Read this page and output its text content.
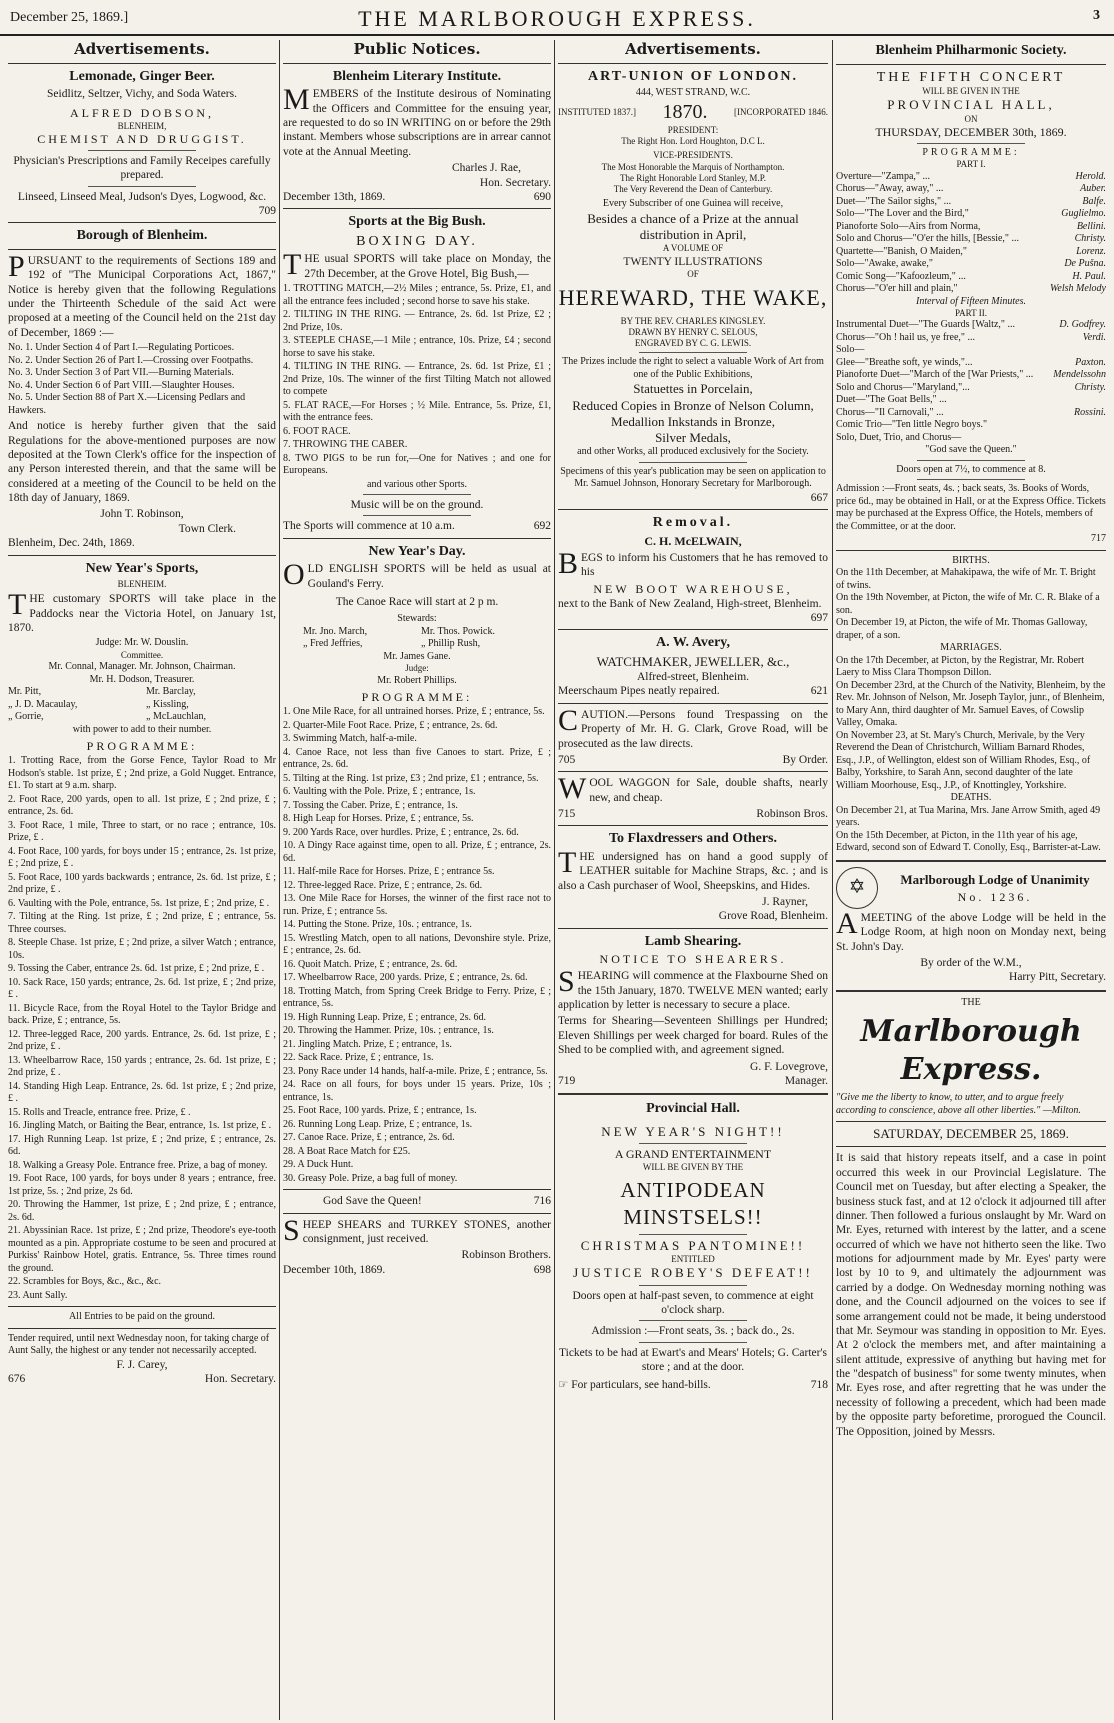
December 25, 1869.]	THE MARLBOROUGH EXPRESS.	3
Advertisements.
Lemonade, Ginger Beer.
Seidlitz, Seltzer, Vichy, and Soda Waters.
ALFRED DOBSON,
BLENHEIM,
CHEMIST AND DRUGGIST.
Physician's Prescriptions and Family Receipes carefully prepared.
Linseed, Linseed Meal, Judson's Dyes, Logwood, &c.
709
Borough of Blenheim.

PURSUANT to the requirements of Sections 189 and 192 of "The Municipal Corporations Act, 1867," Notice is hereby given that the following Regulations under the Thirteenth Schedule of the said Act were proposed at a meeting of the Council held on the 21st day of December, 1869 :—

No. 1. Under Section 4 of Part I.—Regulating Porticoes.
No. 2. Under Section 26 of Part I.—Crossing over Footpaths.
No. 3. Under Section 3 of Part VII.—Burning Materials.
No. 4. Under Section 6 of Part VIII.—Slaughter Houses.
No. 5. Under Section 88 of Part X.—Licensing Pedlars and Hawkers.

And notice is hereby further given that the said Regulations for the above-mentioned purposes are now deposited at the Town Clerk's office for the inspection of any Person interested therein, and that the same will be considered at a meeting of the Council to be held on the 18th day of January, 1869.

John T. Robinson,
Town Clerk.
Blenheim, Dec. 24th, 1869.
New Year's Sports,
BLENHEIM.

THE customary SPORTS will take place in the Paddocks near the Victoria Hotel, on January 1st, 1870.

Judge: Mr. W. Douslin.
Committee.
Mr. Connal, Manager. Mr. Johnson, Chairman.
Mr. H. Dodson, Treasurer.
Mr. Pitt,
„ J. D. Macaulay,
„ Gorrie,
Mr. Barclay,
„ Kissling,
„ McLauchlan,
with power to add to their number.
PROGRAMME:
1. Trotting Race, from the Gorse Fence, Taylor Road to Mr Hodson's stable. 1st prize, £ ; 2nd prize, a Gold Nugget. Entrance, £1. To start at 9 a.m. sharp.
2. Foot Race, 200 yards, open to all. 1st prize, £ ; 2nd prize, £ ; entrance, 2s. 6d.
3. Foot Race, 1 mile, Three to start, or no race ; entrance, 10s. Prize, £ .
4. Foot Race, 100 yards, for boys under 15 ; entrance, 2s. 1st prize, £ ; 2nd prize, £ .
5. Foot Race, 100 yards backwards ; entrance, 2s. 6d. 1st prize, £ ; 2nd prize, £ .
6. Vaulting with the Pole, entrance, 5s. 1st prize, £ ; 2nd prize, £ .
7. Tilting at the Ring. 1st prize, £ ; 2nd prize, £ ; entrance, 5s. Three courses.
8. Steeple Chase. 1st prize, £ ; 2nd prize, a silver Watch ; entrance, 10s.
9. Tossing the Caber, entrance 2s. 6d. 1st prize, £ ; 2nd prize, £ .
10. Sack Race, 150 yards; entrance, 2s. 6d. 1st prize, £ ; 2nd prize, £ .
11. Bicycle Race, from the Royal Hotel to the Taylor Bridge and back. Prize, £ ; entrance, 5s.
12. Three-legged Race, 200 yards. Entrance, 2s. 6d. 1st prize, £ ; 2nd prize, £ .
13. Wheelbarrow Race, 150 yards ; entrance, 2s. 6d. 1st prize, £ ; 2nd prize, £ .
14. Standing High Leap. Entrance, 2s. 6d. 1st prize, £ ; 2nd prize, £ .
15. Rolls and Treacle, entrance free. Prize, £ .
16. Jingling Match, or Baiting the Bear, entrance, 1s. 1st prize, £ .
17. High Running Leap. 1st prize, £ ; 2nd prize, £ ; entrance, 2s. 6d.
18. Walking a Greasy Pole. Entrance free. Prize, a bag of money.
19. Foot Race, 100 yards, for boys under 8 years ; entrance, free. 1st prize, 5s. ; 2nd prize, 2s 6d.
20. Throwing the Hammer, 1st prize, £ ; 2nd prize, £ ; entrance, 2s. 6d.
21. Abyssinian Race. 1st prize, £ ; 2nd prize, Theodore's eye-tooth mounted as a pin. Appropriate costume to be seen and procured at Purkiss' Rainbow Hotel, gratis. Entrance, 5s. Three times round the ground.
22. Scrambles for Boys, &c., &c., &c.
23. Aunt Sally.
All Entries to be paid on the ground.
Tender required, until next Wednesday noon, for taking charge of Aunt Sally, the highest or any tender not necessarily accepted.
F. J. Carey,
676	Hon. Secretary.
Public Notices.
Blenheim Literary Institute.

MEMBERS of the Institute desirous of Nominating the Officers and Committee for the ensuing year, are requested to do so IN WRITING on or before the 29th instant. Members whose subscriptions are in arrear cannot vote at the Annual Meeting.

Charles J. Rae,
Hon. Secretary.
December 13th, 1869.	690
Sports at the Big Bush.
BOXING DAY.

THE usual SPORTS will take place on Monday, the 27th December, at the Grove Hotel, Big Bush,—

1. TROTTING MATCH,—2½ Miles ; entrance, 5s. Prize, £1, and all the entrance fees included ; second horse to save his stake.
2. TILTING IN THE RING. — Entrance, 2s. 6d. 1st Prize, £2 ; 2nd Prize, 10s.
3. STEEPLE CHASE,—1 Mile ; entrance, 10s. Prize, £4 ; second horse to save his stake.
4. TILTING IN THE RING. — Entrance, 2s. 6d. 1st Prize, £1 ; 2nd Prize, 10s. The winner of the first Tilting Match not allowed to compete
5. FLAT RACE,—For Horses ; ½ Mile. Entrance, 5s. Prize, £1, with the entrance fees.
6. FOOT RACE.
7. THROWING THE CABER.
8. TWO PIGS to be run for,—One for Natives ; and one for Europeans.
and various other Sports.
Music will be on the ground.
The Sports will commence at 10 a.m.	692
New Year's Day.

OLD ENGLISH SPORTS will be held as usual at Gouland's Ferry.

The Canoe Race will start at 2 p m.
Stewards:
Mr. Jno. March,
„ Fred Jeffries,
Mr. Thos. Powick.
„ Phillip Rush,
Mr. James Gane.
Judge:
Mr. Robert Phillips.
PROGRAMME:
1. One Mile Race, for all untrained horses. Prize, £ ; entrance, 5s.
2. Quarter-Mile Foot Race. Prize, £ ; entrance, 2s. 6d.
3. Swimming Match, half-a-mile.
4. Canoe Race, not less than five Canoes to start. Prize, £ ; entrance, 2s. 6d.
5. Tilting at the Ring. 1st prize, £3 ; 2nd prize, £1 ; entrance, 5s.
6. Vaulting with the Pole. Prize, £ ; entrance, 1s.
7. Tossing the Caber. Prize, £ ; entrance, 1s.
8. High Leap for Horses. Prize, £ ; entrance, 5s.
9. 200 Yards Race, over hurdles. Prize, £ ; entrance, 2s. 6d.
10. A Dingy Race against time, open to all. Prize, £ ; entrance, 2s. 6d.
11. Half-mile Race for Horses. Prize, £ ; entrance 5s.
12. Three-legged Race. Prize, £ ; entrance, 2s. 6d.
13. One Mile Race for Horses, the winner of the first race not to run. Prize, £ ; entrance 5s.
14. Putting the Stone. Prize, 10s. ; entrance, 1s.
15. Wrestling Match, open to all nations, Devonshire style. Prize, £ ; entrance, 2s. 6d.
16. Quoit Match. Prize, £ ; entrance, 2s. 6d.
17. Wheelbarrow Race, 200 yards. Prize, £ ; entrance, 2s. 6d.
18. Trotting Match, from Spring Creek Bridge to Ferry. Prize, £ ; entrance, 5s.
19. High Running Leap. Prize, £ ; entrance, 2s. 6d.
20. Throwing the Hammer. Prize, 10s. ; entrance, 1s.
21. Jingling Match. Prize, £ ; entrance, 1s.
22. Sack Race. Prize, £ ; entrance, 1s.
23. Pony Race under 14 hands, half-a-mile. Prize, £ ; entrance, 5s.
24. Race on all fours, for boys under 15 years. Prize, 10s ; entrance, 1s.
25. Foot Race, 100 yards. Prize, £ ; entrance, 1s.
26. Running Long Leap. Prize, £ ; entrance, 1s.
27. Canoe Race. Prize, £ ; entrance, 2s. 6d.
28. A Boat Race Match for £25.
29. A Duck Hunt.
30. Greasy Pole. Prize, a bag full of money.
God Save the Queen!	716

SHEEP SHEARS and TURKEY STONES, another consignment, just received.

Robinson Brothers.
December 10th, 1869.	698
Advertisements.
ART-UNION OF LONDON.
444, WEST STRAND, W.C.
INSTITUTED 1837.] 1870.	[INCORPORATED 1846.
PRESIDENT:
The Right Hon. Lord Houghton, D.C L.
VICE-PRESIDENTS.
The Most Honorable the Marquis of Northampton.
The Right Honorable Lord Stanley, M.P.
The Very Reverend the Dean of Canterbury.
Every Subscriber of one Guinea will receive,
Besides a chance of a Prize at the annual distribution in April,
A VOLUME OF
TWENTY ILLUSTRATIONS
OF
HEREWARD, THE WAKE,
BY THE REV. CHARLES KINGSLEY.
DRAWN BY HENRY C. SELOUS,
ENGRAVED BY C. G. LEWIS.
The Prizes include the right to select a valuable Work of Art from one of the Public Exhibitions,
Statuettes in Porcelain,
Reduced Copies in Bronze of Nelson Column,
Medallion Inkstands in Bronze,
Silver Medals,
and other Works, all produced exclusively for the Society.
Specimens of this year's publication may be seen on application to Mr. Samuel Johnson, Honorary Secretary for Marlborough.
667
Removal.
C. H. McELWAIN,

BEGS to inform his Customers that he has removed to his

NEW BOOT WAREHOUSE,
next to the Bank of New Zealand, High-street, Blenheim.
697
A. W. Avery,
WATCHMAKER, JEWELLER, &c.,
Alfred-street, Blenheim.
Meerschaum Pipes neatly repaired.	621

CAUTION.—Persons found Trespassing on the Property of Mr. H. G. Clark, Grove Road, will be prosecuted as the law directs.

705	By Order.

WOOL WAGGON for Sale, double shafts, nearly new, and cheap.

715	Robinson Bros.
To Flaxdressers and Others.

THE undersigned has on hand a good supply of LEATHER suitable for Machine Straps, &c. ; and is also a Cash purchaser of Wool, Sheepskins, and Hides.

J. Rayner,
Grove Road, Blenheim.
Lamb Shearing.
NOTICE TO SHEARERS.

SHEARING will commence at the Flaxbourne Shed on the 15th January, 1870. TWELVE MEN wanted; early application by letter is necessary to secure a place.

Terms for Shearing—Seventeen Shillings per Hundred; Eleven Shillings per week charged for board. Rules of the Shed to be complied with, and agreement signed.

G. F. Lovegrove,
719	Manager.
Provincial Hall.
NEW YEAR'S NIGHT!!
A GRAND ENTERTAINMENT
WILL BE GIVEN BY THE
ANTIPODEAN MINSTSELS!!
CHRISTMAS PANTOMINE!!
ENTITLED
JUSTICE ROBEY'S DEFEAT!!
Doors open at half-past seven, to commence at eight o'clock sharp.
Admission :—Front seats, 3s. ; back do., 2s.
Tickets to be had at Ewart's and Mears' Hotels; G. Carter's store ; and at the door.
☞ For particulars, see hand-bills.	718
Blenheim Philharmonic Society.
THE FIFTH CONCERT
WILL BE GIVEN IN THE
PROVINCIAL HALL,
ON
THURSDAY, DECEMBER 30th, 1869.
PROGRAMME:
PART I.
Overture—"Zampa," ...	Herold.
Chorus—"Away, away," ...	Auber.
Duet—"The Sailor sighs," ...	Balfe.
Solo—"The Lover and the Bird,"	Guglielmo.
Pianoforte Solo—Airs from Norma,	Bellini.
Solo and Chorus—"O'er the hills, [Bessie," ...	Christy.
Quartette—"Banish, O Maiden,"	Lorenz.
Solo—"Awake, awake,"	De Pušna.
Comic Song—"Kafoozleum," ...	H. Paul.
Chorus—"O'er hill and plain,"	Welsh Melody
Interval of Fifteen Minutes.
PART II.
Instrumental Duet—"The Guards [Waltz," ...	D. Godfrey.
Chorus—"Oh ! hail us, ye free," ...	Verdi.
Solo—
Glee—"Breathe soft, ye winds,"...	Paxton.
Pianoforte Duet—"March of the [War Priests," ... Mendelssohn
Solo and Chorus—"Maryland,"...	Christy.
Duet—"The Goat Bells," ...
Chorus—"Il Carnovali," ...	Rossini.
Comic Trio—"Ten little Negro boys."
Solo, Duet, Trio, and Chorus—
"God save the Queen."
Doors open at 7½, to commence at 8.
Admission :—Front seats, 4s. ; back seats, 3s. Books of Words, price 6d., may be obtained in Hall, or at the Express Office. Tickets may be purchased at the Express Office, the Hotels, members of the Committee, or at the door.
717
BIRTHS.
On the 11th December, at Mahakipawa, the wife of Mr. T. Bright of twins.
On the 19th November, at Picton, the wife of Mr. C. R. Blake of a son.
On December 19, at Picton, the wife of Mr. Thomas Galloway, draper, of a son.
MARRIAGES.
On the 17th December, at Picton, by the Registrar, Mr. Robert Laery to Miss Clara Thompson Dillon.
On December 23rd, at the Church of the Nativity, Blenheim, by the Rev. Mr. Johnson of Nelson, Mr. Joseph Taylor, junr., of Blenheim, to Mary Ann, third daughter of Mr. Samuel Eaves, of Cowslip Valley, Omaka.
On November 23, at St. Mary's Church, Merivale, by the Very Reverend the Dean of Christchurch, William Barnard Rhodes, Esq., J.P., of Wellington, eldest son of William Rhodes, Esq., of Balby, Yorkshire, to Sarah Ann, second daughter of the late William Moorhouse, Esq., J.P., of Knottingley, Yorkshire.
DEATHS.
On December 21, at Tua Marina, Mrs. Jane Arrow Smith, aged 49 years.
On the 15th December, at Picton, in the 11th year of his age, Edward, second son of Edward T. Conolly, Esq., Barrister-at-Law.
✡	Marlborough Lodge of Unanimity
No. 1236.

AMEETING of the above Lodge will be held in the Lodge Room, at high noon on Monday next, being St. John's Day.

By order of the W.M.,
Harry Pitt, Secretary.
THE
Marlborough Express.
"Give me the liberty to know, to utter, and to argue freely according to conscience, above all other liberties." —Milton.
SATURDAY, DECEMBER 25, 1869.

It is said that history repeats itself, and a case in point occurred this week in our Provincial Legislature. The Council met on Tuesday, but after electing a Speaker, the business stuck fast, and at 12 o'clock it adjourned till after dinner. Then followed a furious onslaught by Mr. Ward on Mr. Eyes, returned with interest by the latter, and a scene occurred of which we have not hitherto seen the like. Two motions for adjournment made by Mr. Eyes' party were lost by 10 to 9, and ultimately the adjournment was carried by a dodge. On Wednesday morning nothing was done, and the Council adjourned on the voices to see if some arrangement could not be made, it being understood that Mr. Seymour was standing in opposition to Mr. Eyes. At 2 o'clock the members met, and after maintaining a silent attitude, expressive of anything but having met for the "despatch of business" for some twenty minutes, when Mr. Eyes rose, and after regretting that he was under the necessity of following a precedent, which had been made by the opposite party beforetime, prorogued the Council. The Opposition, joined by Messrs.
